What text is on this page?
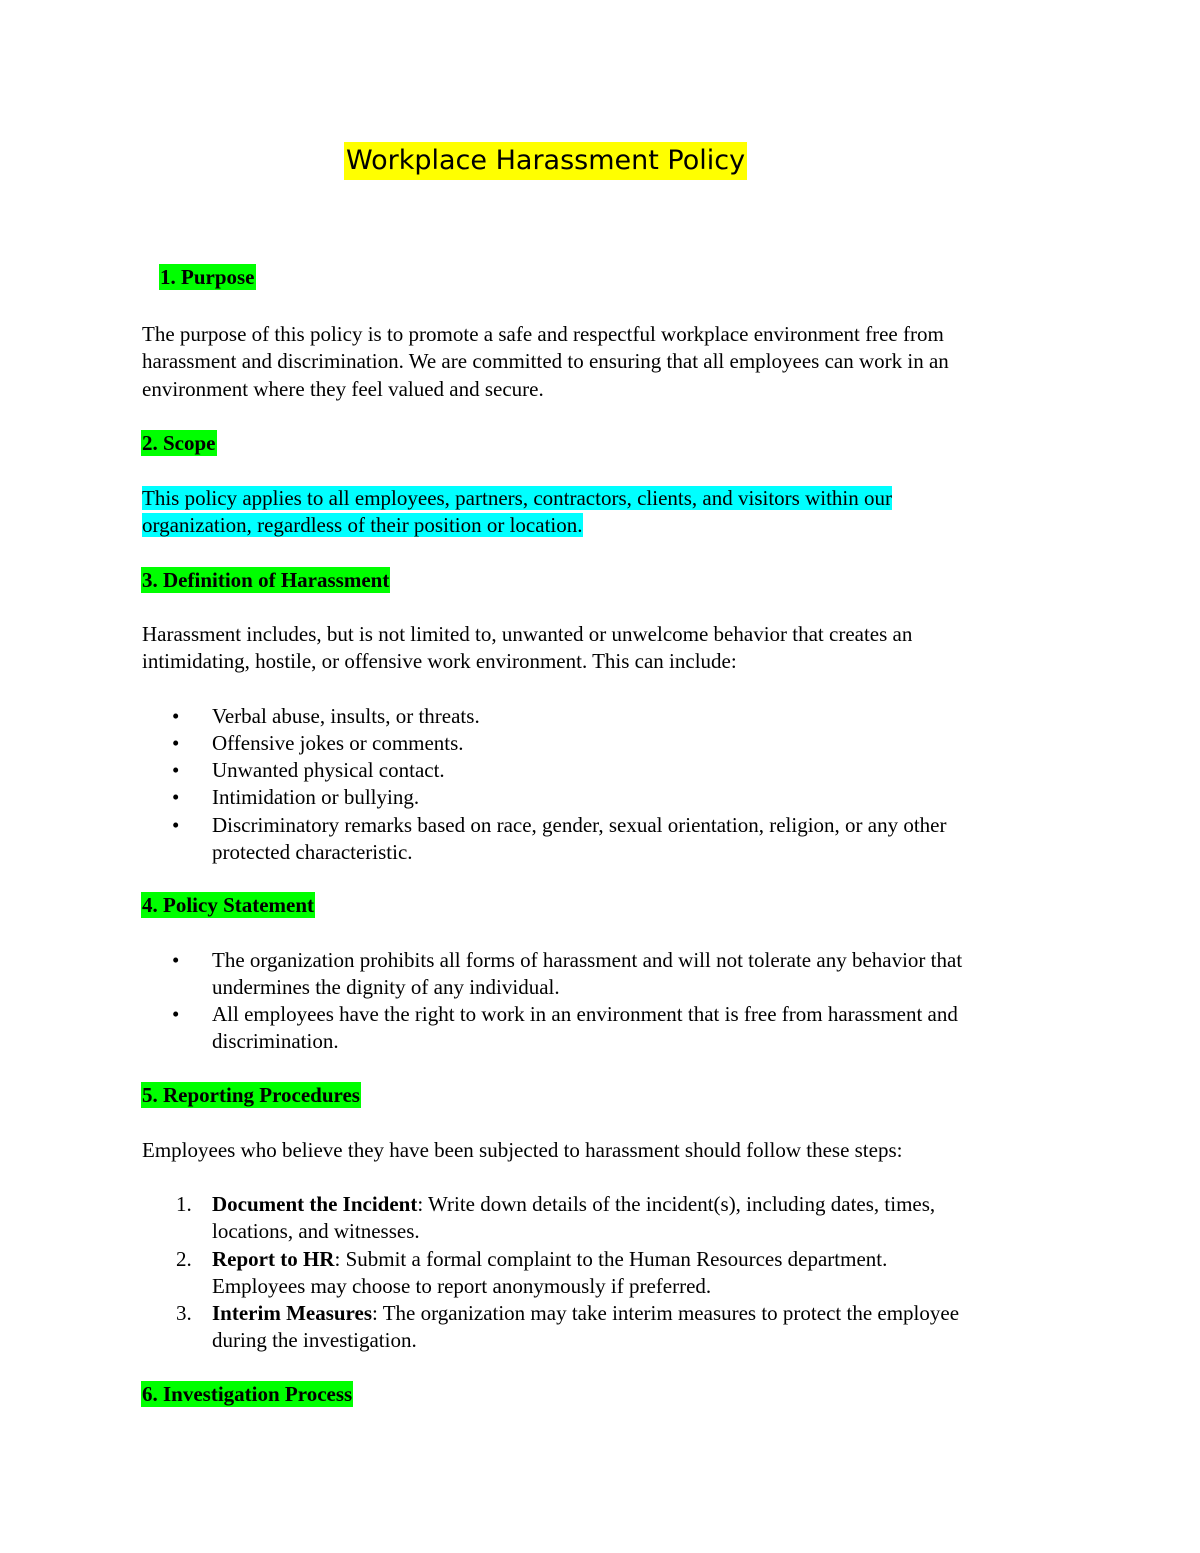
Workplace Harassment Policy
1. Purpose

The purpose of this policy is to promote a safe and respectful workplace environment free from

harassment and discrimination. We are committed to ensuring that all employees can work in an

environment where they feel valued and secure.

2. Scope

This policy applies to all employees, partners, contractors, clients, and visitors within our

organization, regardless of their position or location.

3. Definition of Harassment

Harassment includes, but is not limited to, unwanted or unwelcome behavior that creates an

intimidating, hostile, or offensive work environment. This can include:

• Verbal abuse, insults, or threats.
• Offensive jokes or comments.
• Unwanted physical contact.
• Intimidation or bullying.
• Discriminatory remarks based on race, gender, sexual orientation, religion, or any other
protected characteristic.
4. Policy Statement
• The organization prohibits all forms of harassment and will not tolerate any behavior that
undermines the dignity of any individual.
• All employees have the right to work in an environment that is free from harassment and
discrimination.
5. Reporting Procedures

Employees who believe they have been subjected to harassment should follow these steps:

1. Document the Incident: Write down details of the incident(s), including dates, times,
locations, and witnesses.
2. Report to HR: Submit a formal complaint to the Human Resources department.
Employees may choose to report anonymously if preferred.
3. Interim Measures: The organization may take interim measures to protect the employee
during the investigation.
6. Investigation Process
